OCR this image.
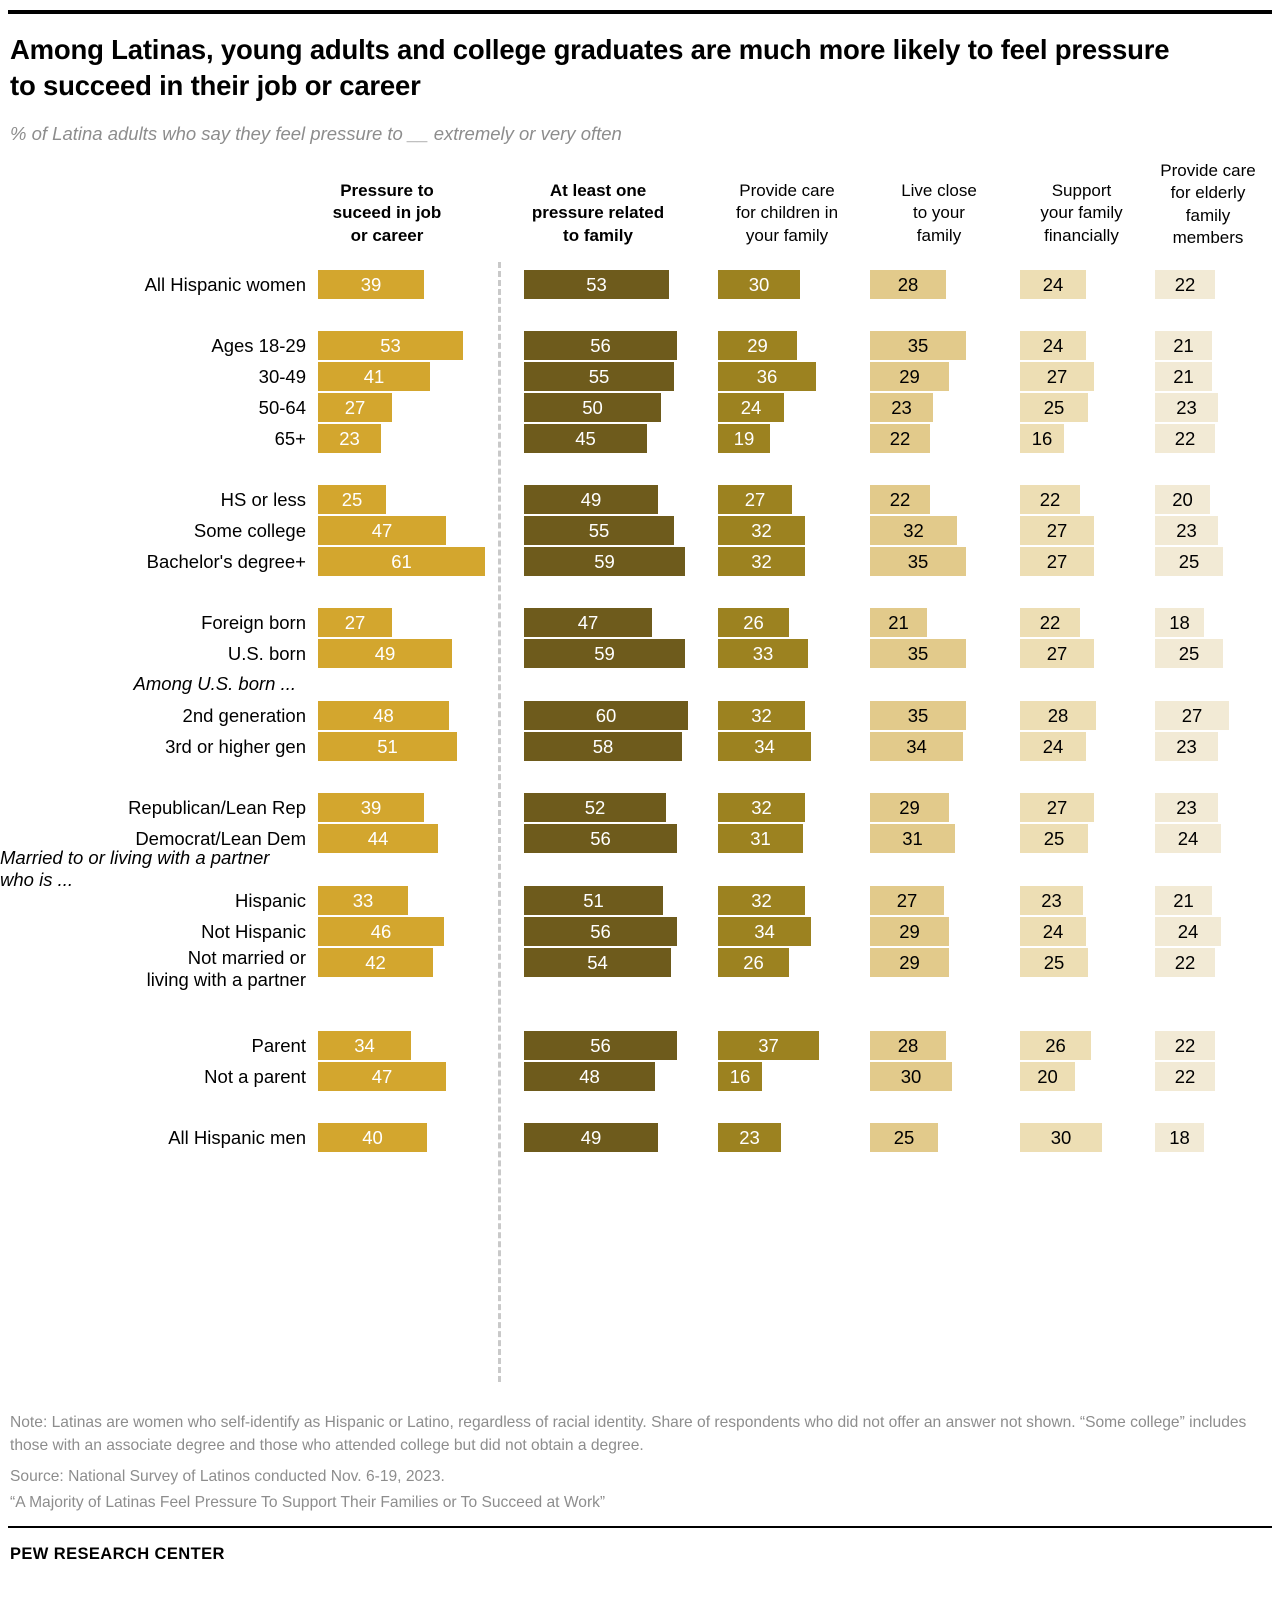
Among Latinas, young adults and college graduates are much more likely to feel pressure to succeed in their job or career
% of Latina adults who say they feel pressure to __ extremely or very often
Pressure to
suceed in job
or career
At least one
pressure related
to family
Provide care
for children in
your family
Live close
to your
family
Support
your family
financially
Provide care
for elderly
family
members
All Hispanic women	39	53	30	28	24	22
Ages 18-29	53	56	29	35	24	21
30-49	41	55	36	29	27	21
50-64	27	50	24	23	25	23
65+	23	45	19	22	16	22
HS or less	25	49	27	22	22	20
Some college	47	55	32	32	27	23
Bachelor's degree+	61	59	32	35	27	25
Foreign born	27	47	26	21	22	18
U.S. born	49	59	33	35	27	25
Among U.S. born ...
2nd generation	48	60	32	35	28	27
3rd or higher gen	51	58	34	34	24	23
Republican/Lean Rep	39	52	32	29	27	23
Democrat/Lean Dem	44	56	31	31	25	24
Married to or living with a partner who is ...
Hispanic	33	51	32	27	23	21
Not Hispanic	46	56	34	29	24	24
Not married or
living with a partner
42	54	26	29	25	22
Parent	34	56	37	28	26	22
Not a parent	47	48	16	30	20	22
All Hispanic men	40	49	23	25	30	18
Note: Latinas are women who self-identify as Hispanic or Latino, regardless of racial identity. Share of respondents who did not offer an answer not shown. “Some college” includes those with an associate degree and those who attended college but did not obtain a degree.
Source: National Survey of Latinos conducted Nov. 6-19, 2023.
“A Majority of Latinas Feel Pressure To Support Their Families or To Succeed at Work”
PEW RESEARCH CENTER
